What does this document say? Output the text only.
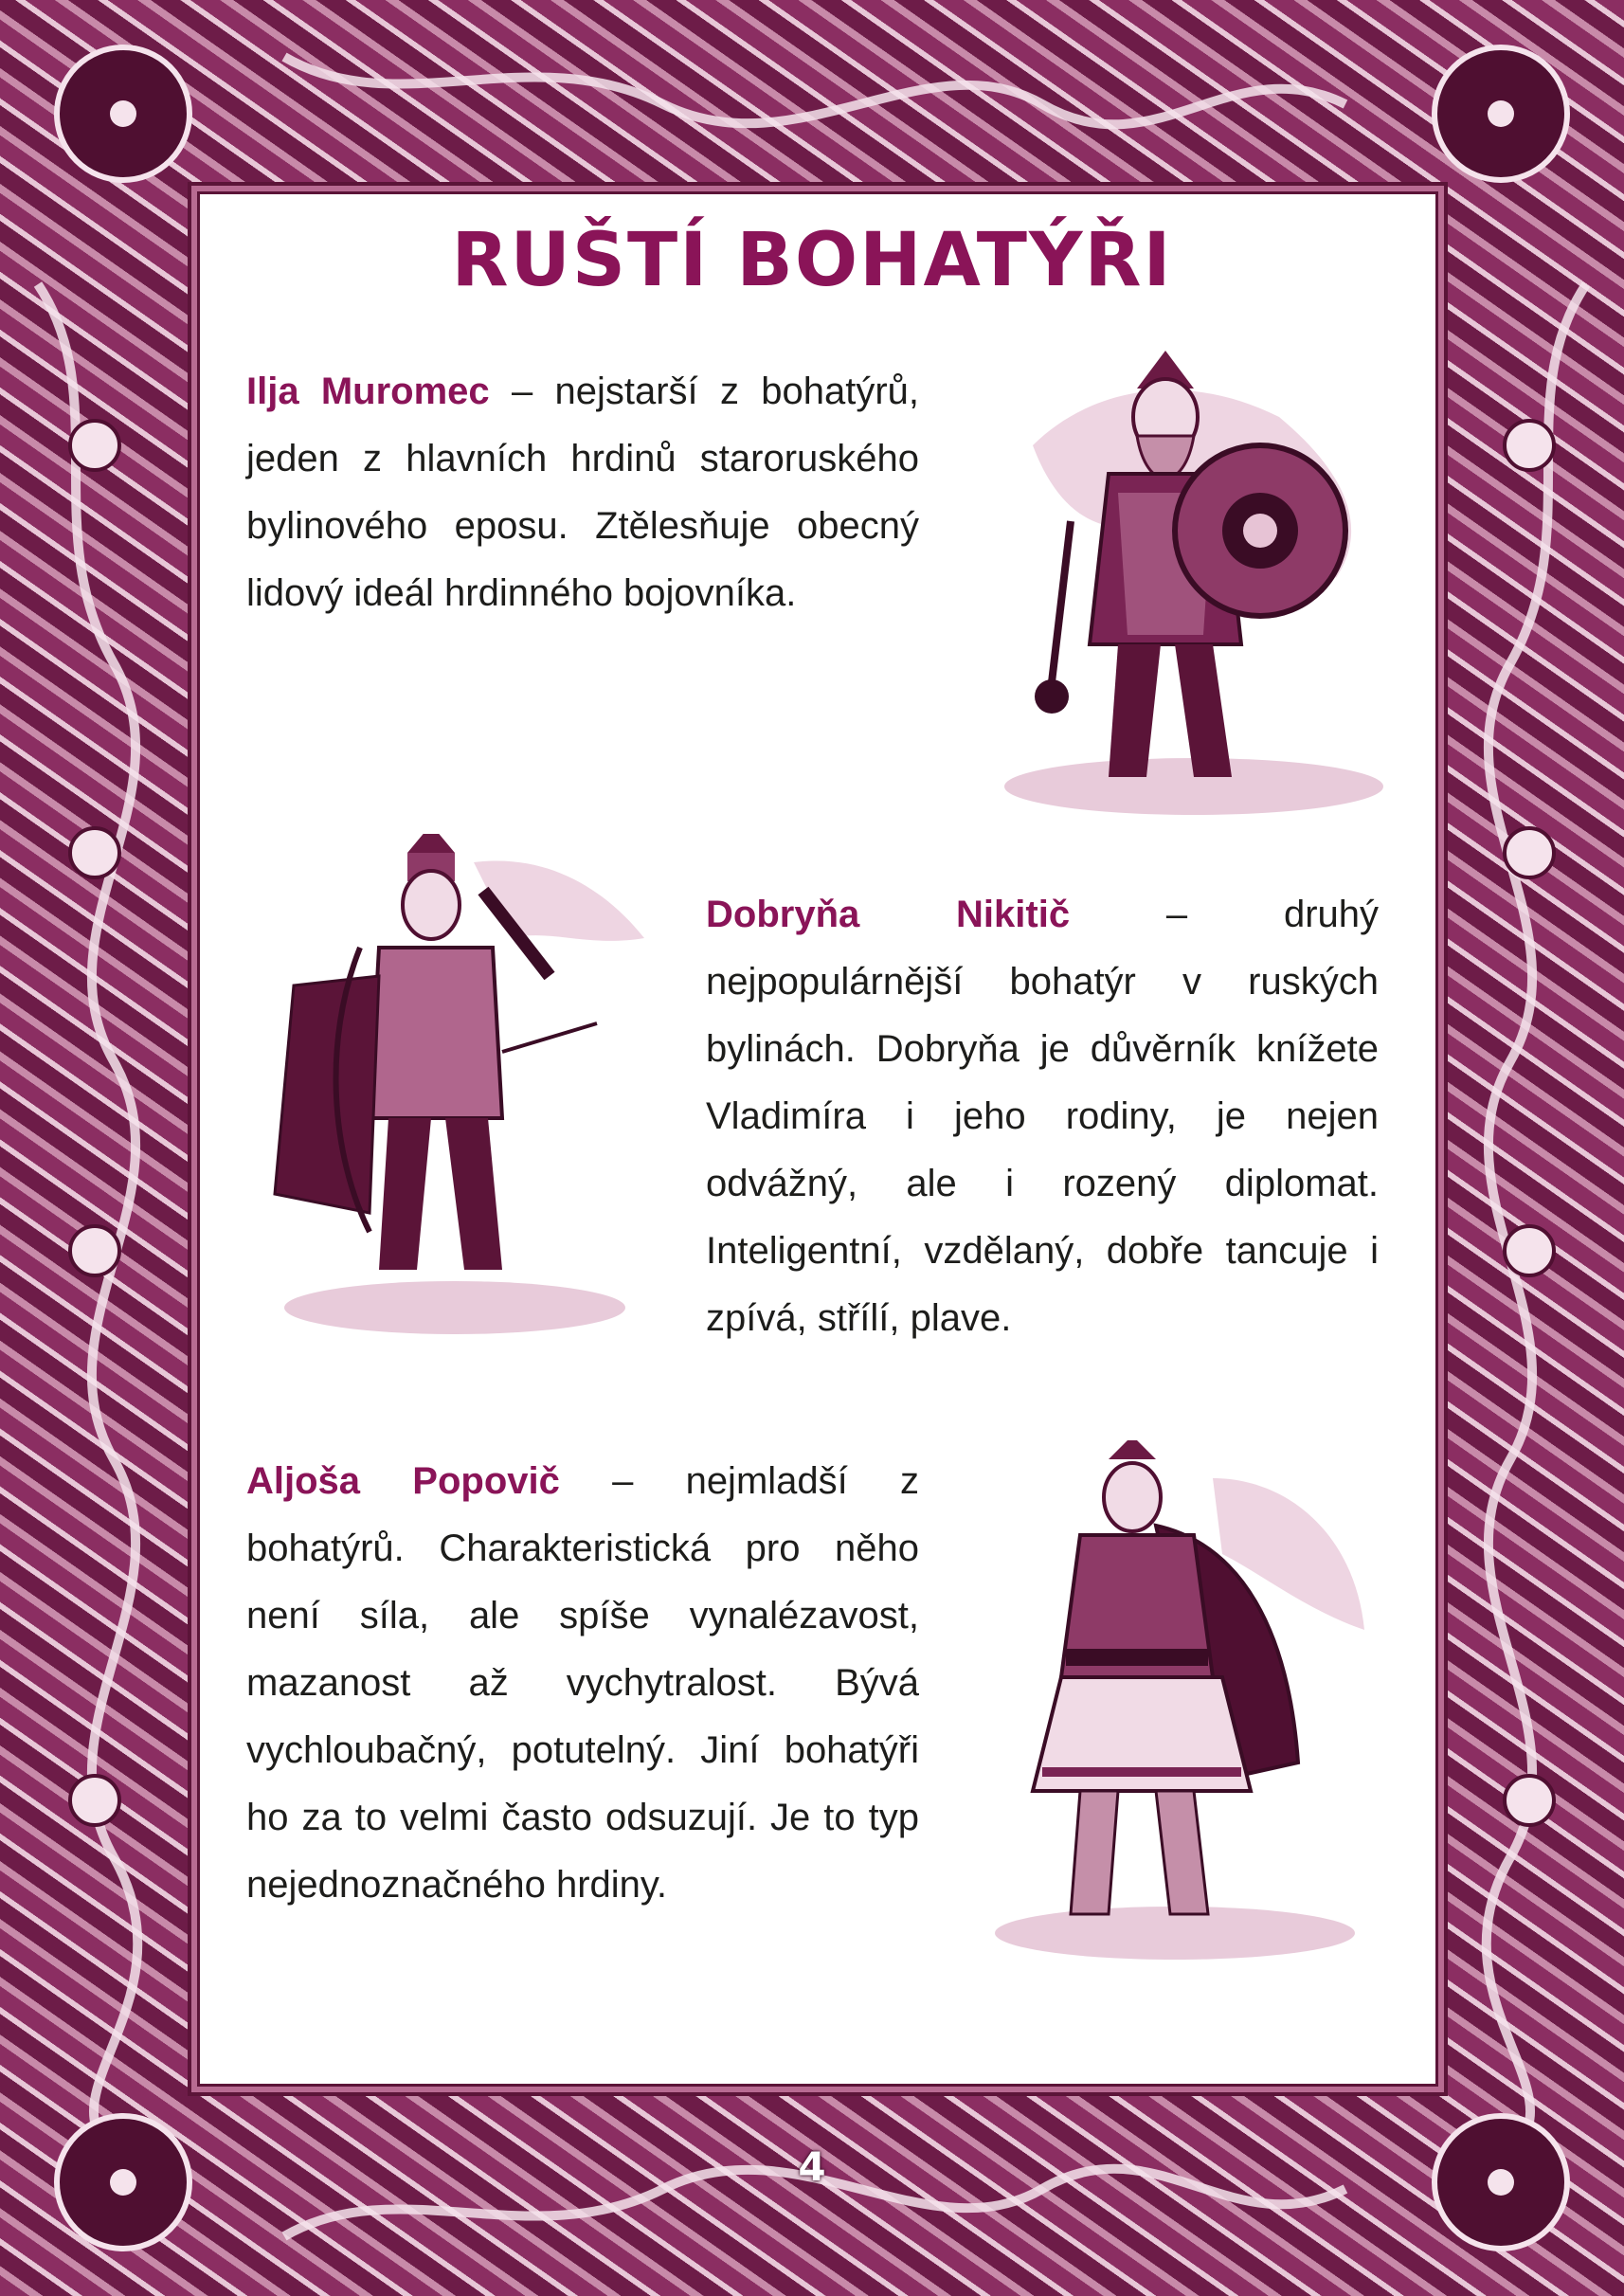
RUŠTÍ BOHATÝŘI

Ilja Muromec – nejstarší z bohatýrů, jeden z hlavních hrdinů staroruského bylinového eposu. Ztělesňuje obecný lidový ideál hrdinného bojovníka.

Dobryňa Nikitič – druhý nejpopulárnější bohatýr v ruských bylinách. Dobryňa je důvěrník knížete Vladimíra i jeho rodiny, je nejen odvážný, ale i rozený diplomat. Inteligentní, vzdělaný, dobře tancuje i zpívá, střílí, plave.

Aljoša Popovič – nejmladší z bohatýrů. Charakteristická pro něho není síla, ale spíše vynalézavost, mazanost až vychytralost. Bývá vychloubačný, potutelný. Jiní bohatýři ho za to velmi často odsuzují. Je to typ nejednoznačného hrdiny.

4
